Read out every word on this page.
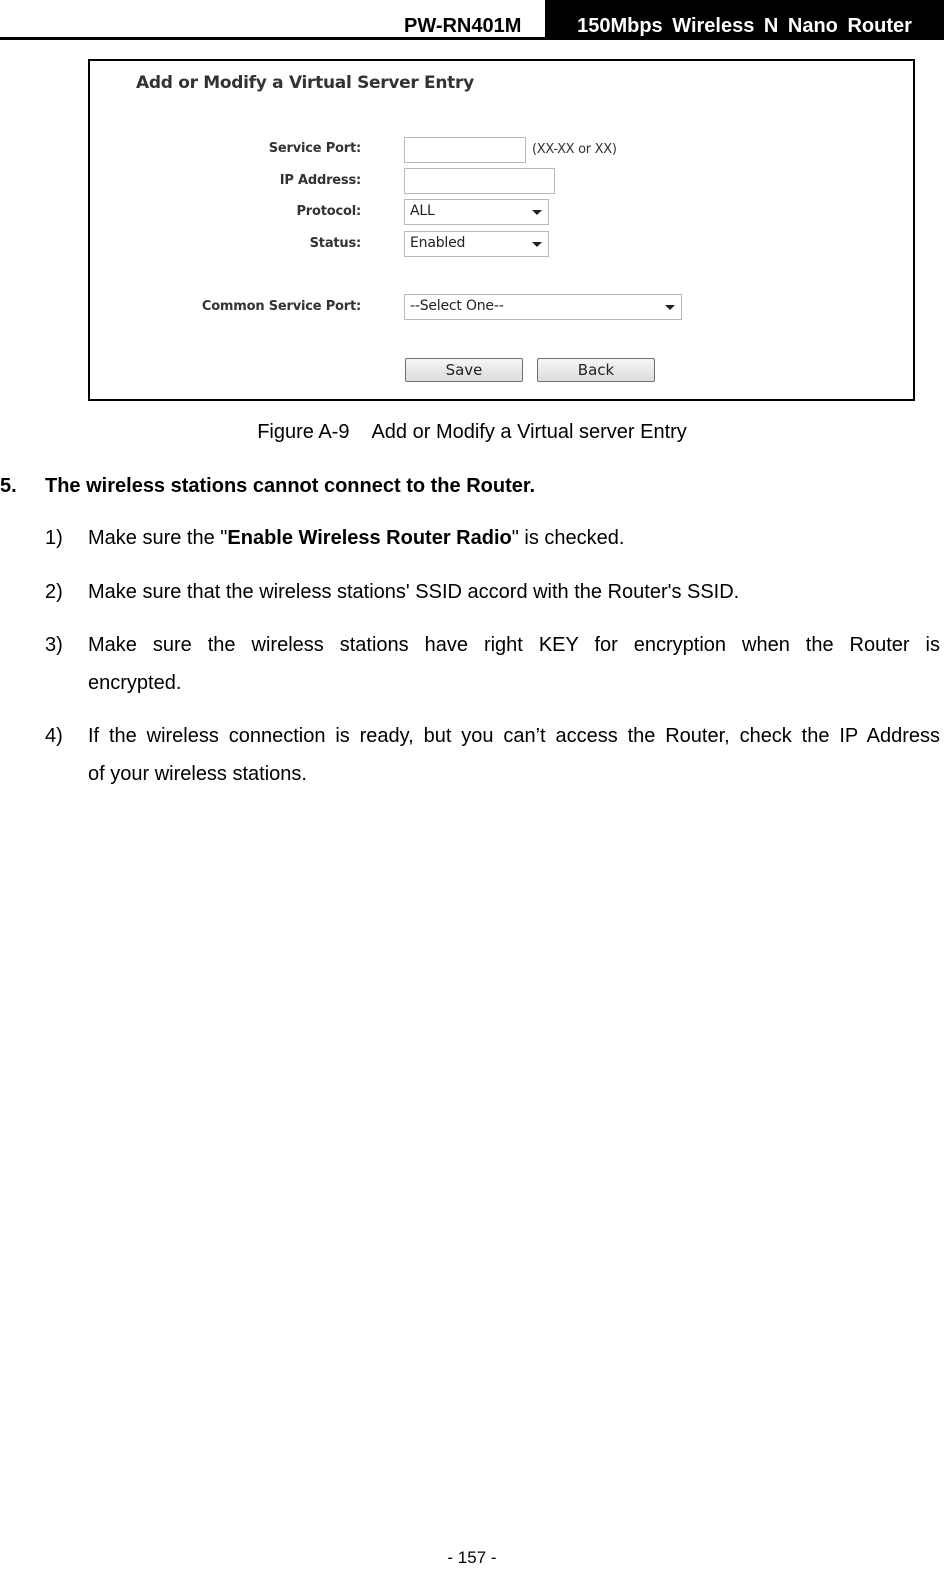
PW-RN401M	150Mbps Wireless N Nano Router
Add or Modify a Virtual Server Entry
Service Port:	(XX-XX or XX)
IP Address:
Protocol:	ALL
Status:	Enabled
Common Service Port:	--Select One--
Save	Back
Figure A-9 Add or Modify a Virtual server Entry
5. The wireless stations cannot connect to the Router.
1) Make sure the "Enable Wireless Router Radio" is checked.
2) Make sure that the wireless stations' SSID accord with the Router's SSID.
3) Make sure the wireless stations have right KEY for encryption when the Router is
encrypted.
4) If the wireless connection is ready, but you can’t access the Router, check the IP Address
of your wireless stations.
- 157 -
